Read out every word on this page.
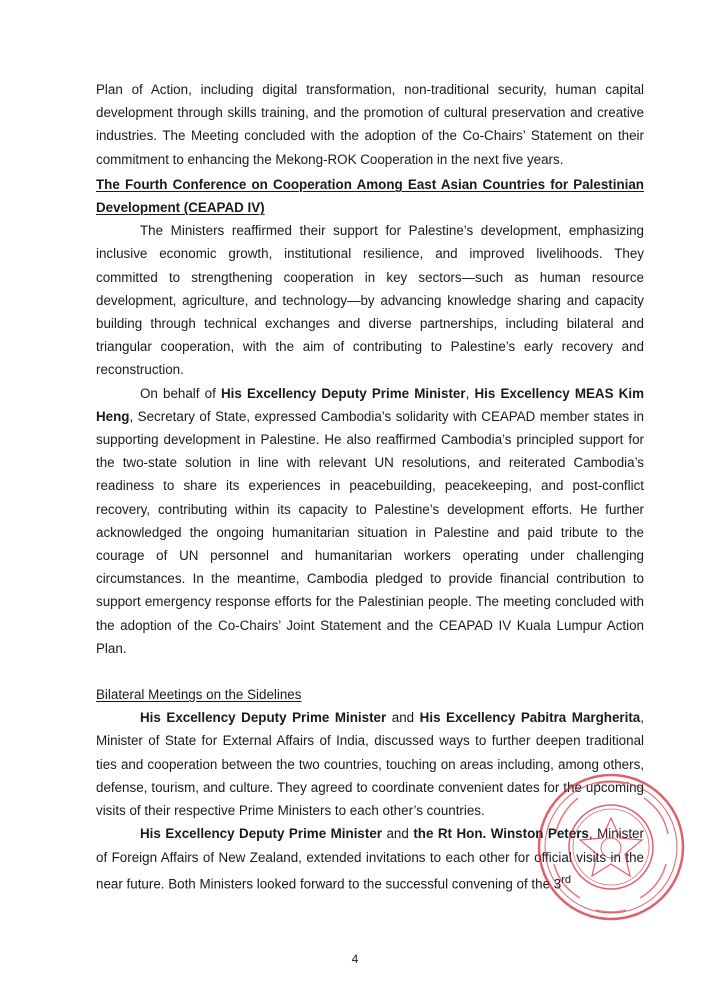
Plan of Action, including digital transformation, non-traditional security, human capital development through skills training, and the promotion of cultural preservation and creative industries. The Meeting concluded with the adoption of the Co-Chairs’ Statement on their commitment to enhancing the Mekong-ROK Cooperation in the next five years.

The Fourth Conference on Cooperation Among East Asian Countries for Palestinian Development (CEAPAD IV)

The Ministers reaffirmed their support for Palestine’s development, emphasizing inclusive economic growth, institutional resilience, and improved livelihoods. They committed to strengthening cooperation in key sectors—such as human resource development, agriculture, and technology—by advancing knowledge sharing and capacity building through technical exchanges and diverse partnerships, including bilateral and triangular cooperation, with the aim of contributing to Palestine’s early recovery and reconstruction.

On behalf of His Excellency Deputy Prime Minister, His Excellency MEAS Kim Heng, Secretary of State, expressed Cambodia’s solidarity with CEAPAD member states in supporting development in Palestine. He also reaffirmed Cambodia’s principled support for the two-state solution in line with relevant UN resolutions, and reiterated Cambodia’s readiness to share its experiences in peacebuilding, peacekeeping, and post-conflict recovery, contributing within its capacity to Palestine’s development efforts. He further acknowledged the ongoing humanitarian situation in Palestine and paid tribute to the courage of UN personnel and humanitarian workers operating under challenging circumstances. In the meantime, Cambodia pledged to provide financial contribution to support emergency response efforts for the Palestinian people. The meeting concluded with the adoption of the Co-Chairs’ Joint Statement and the CEAPAD IV Kuala Lumpur Action Plan.

Bilateral Meetings on the Sidelines

His Excellency Deputy Prime Minister and His Excellency Pabitra Margherita, Minister of State for External Affairs of India, discussed ways to further deepen traditional ties and cooperation between the two countries, touching on areas including, among others, defense, tourism, and culture. They agreed to coordinate convenient dates for the upcoming visits of their respective Prime Ministers to each other’s countries.

His Excellency Deputy Prime Minister and the Rt Hon. Winston Peters, Minister of Foreign Affairs of New Zealand, extended invitations to each other for official visits in the near future. Both Ministers looked forward to the successful convening of the 3rd

4
